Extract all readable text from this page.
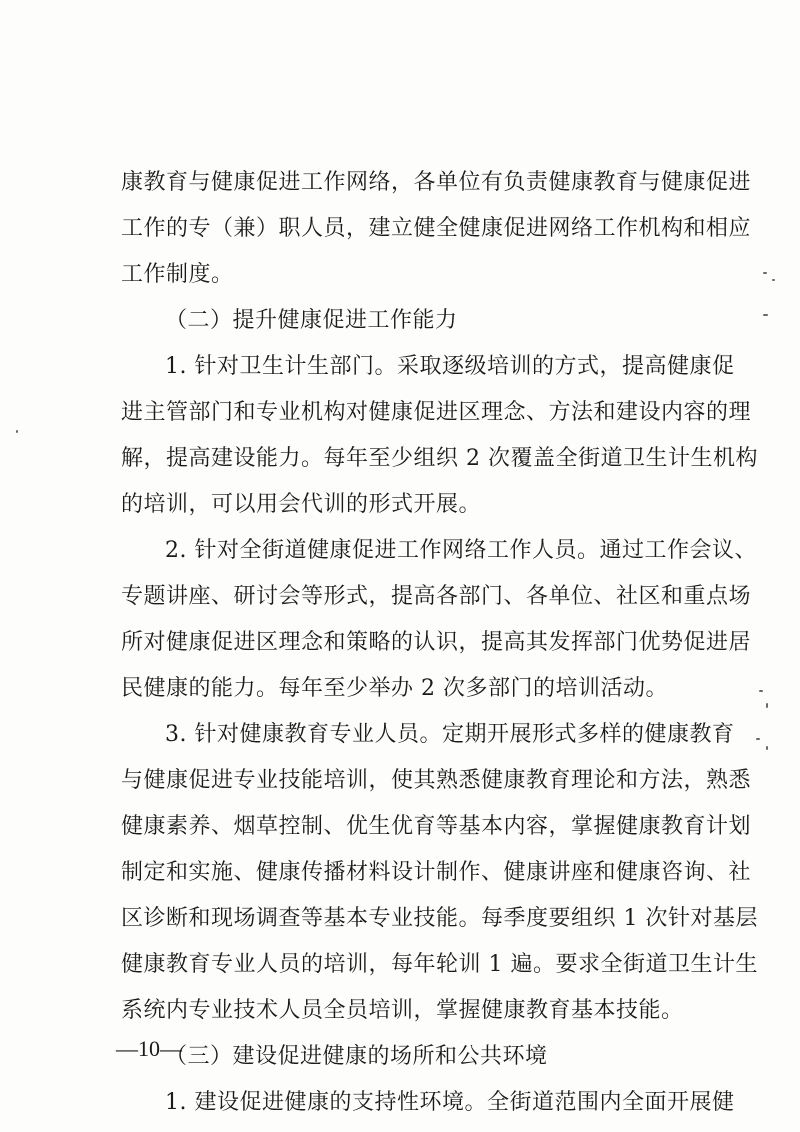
康教育与健康促进工作网络，各单位有负责健康教育与健康促进
工作的专（兼）职人员，建立健全健康促进网络工作机构和相应
工作制度。
（二）提升健康促进工作能力
1. 针对卫生计生部门。采取逐级培训的方式，提高健康促
进主管部门和专业机构对健康促进区理念、方法和建设内容的理
解，提高建设能力。每年至少组织 2 次覆盖全街道卫生计生机构
的培训，可以用会代训的形式开展。
2. 针对全街道健康促进工作网络工作人员。通过工作会议、
专题讲座、研讨会等形式，提高各部门、各单位、社区和重点场
所对健康促进区理念和策略的认识，提高其发挥部门优势促进居
民健康的能力。每年至少举办 2 次多部门的培训活动。
3. 针对健康教育专业人员。定期开展形式多样的健康教育
与健康促进专业技能培训，使其熟悉健康教育理论和方法，熟悉
健康素养、烟草控制、优生优育等基本内容，掌握健康教育计划
制定和实施、健康传播材料设计制作、健康讲座和健康咨询、社
区诊断和现场调查等基本专业技能。每季度要组织 1 次针对基层
健康教育专业人员的培训，每年轮训 1 遍。要求全街道卫生计生
系统内专业技术人员全员培训，掌握健康教育基本技能。
（三）建设促进健康的场所和公共环境
1. 建设促进健康的支持性环境。全街道范围内全面开展健
—10—
